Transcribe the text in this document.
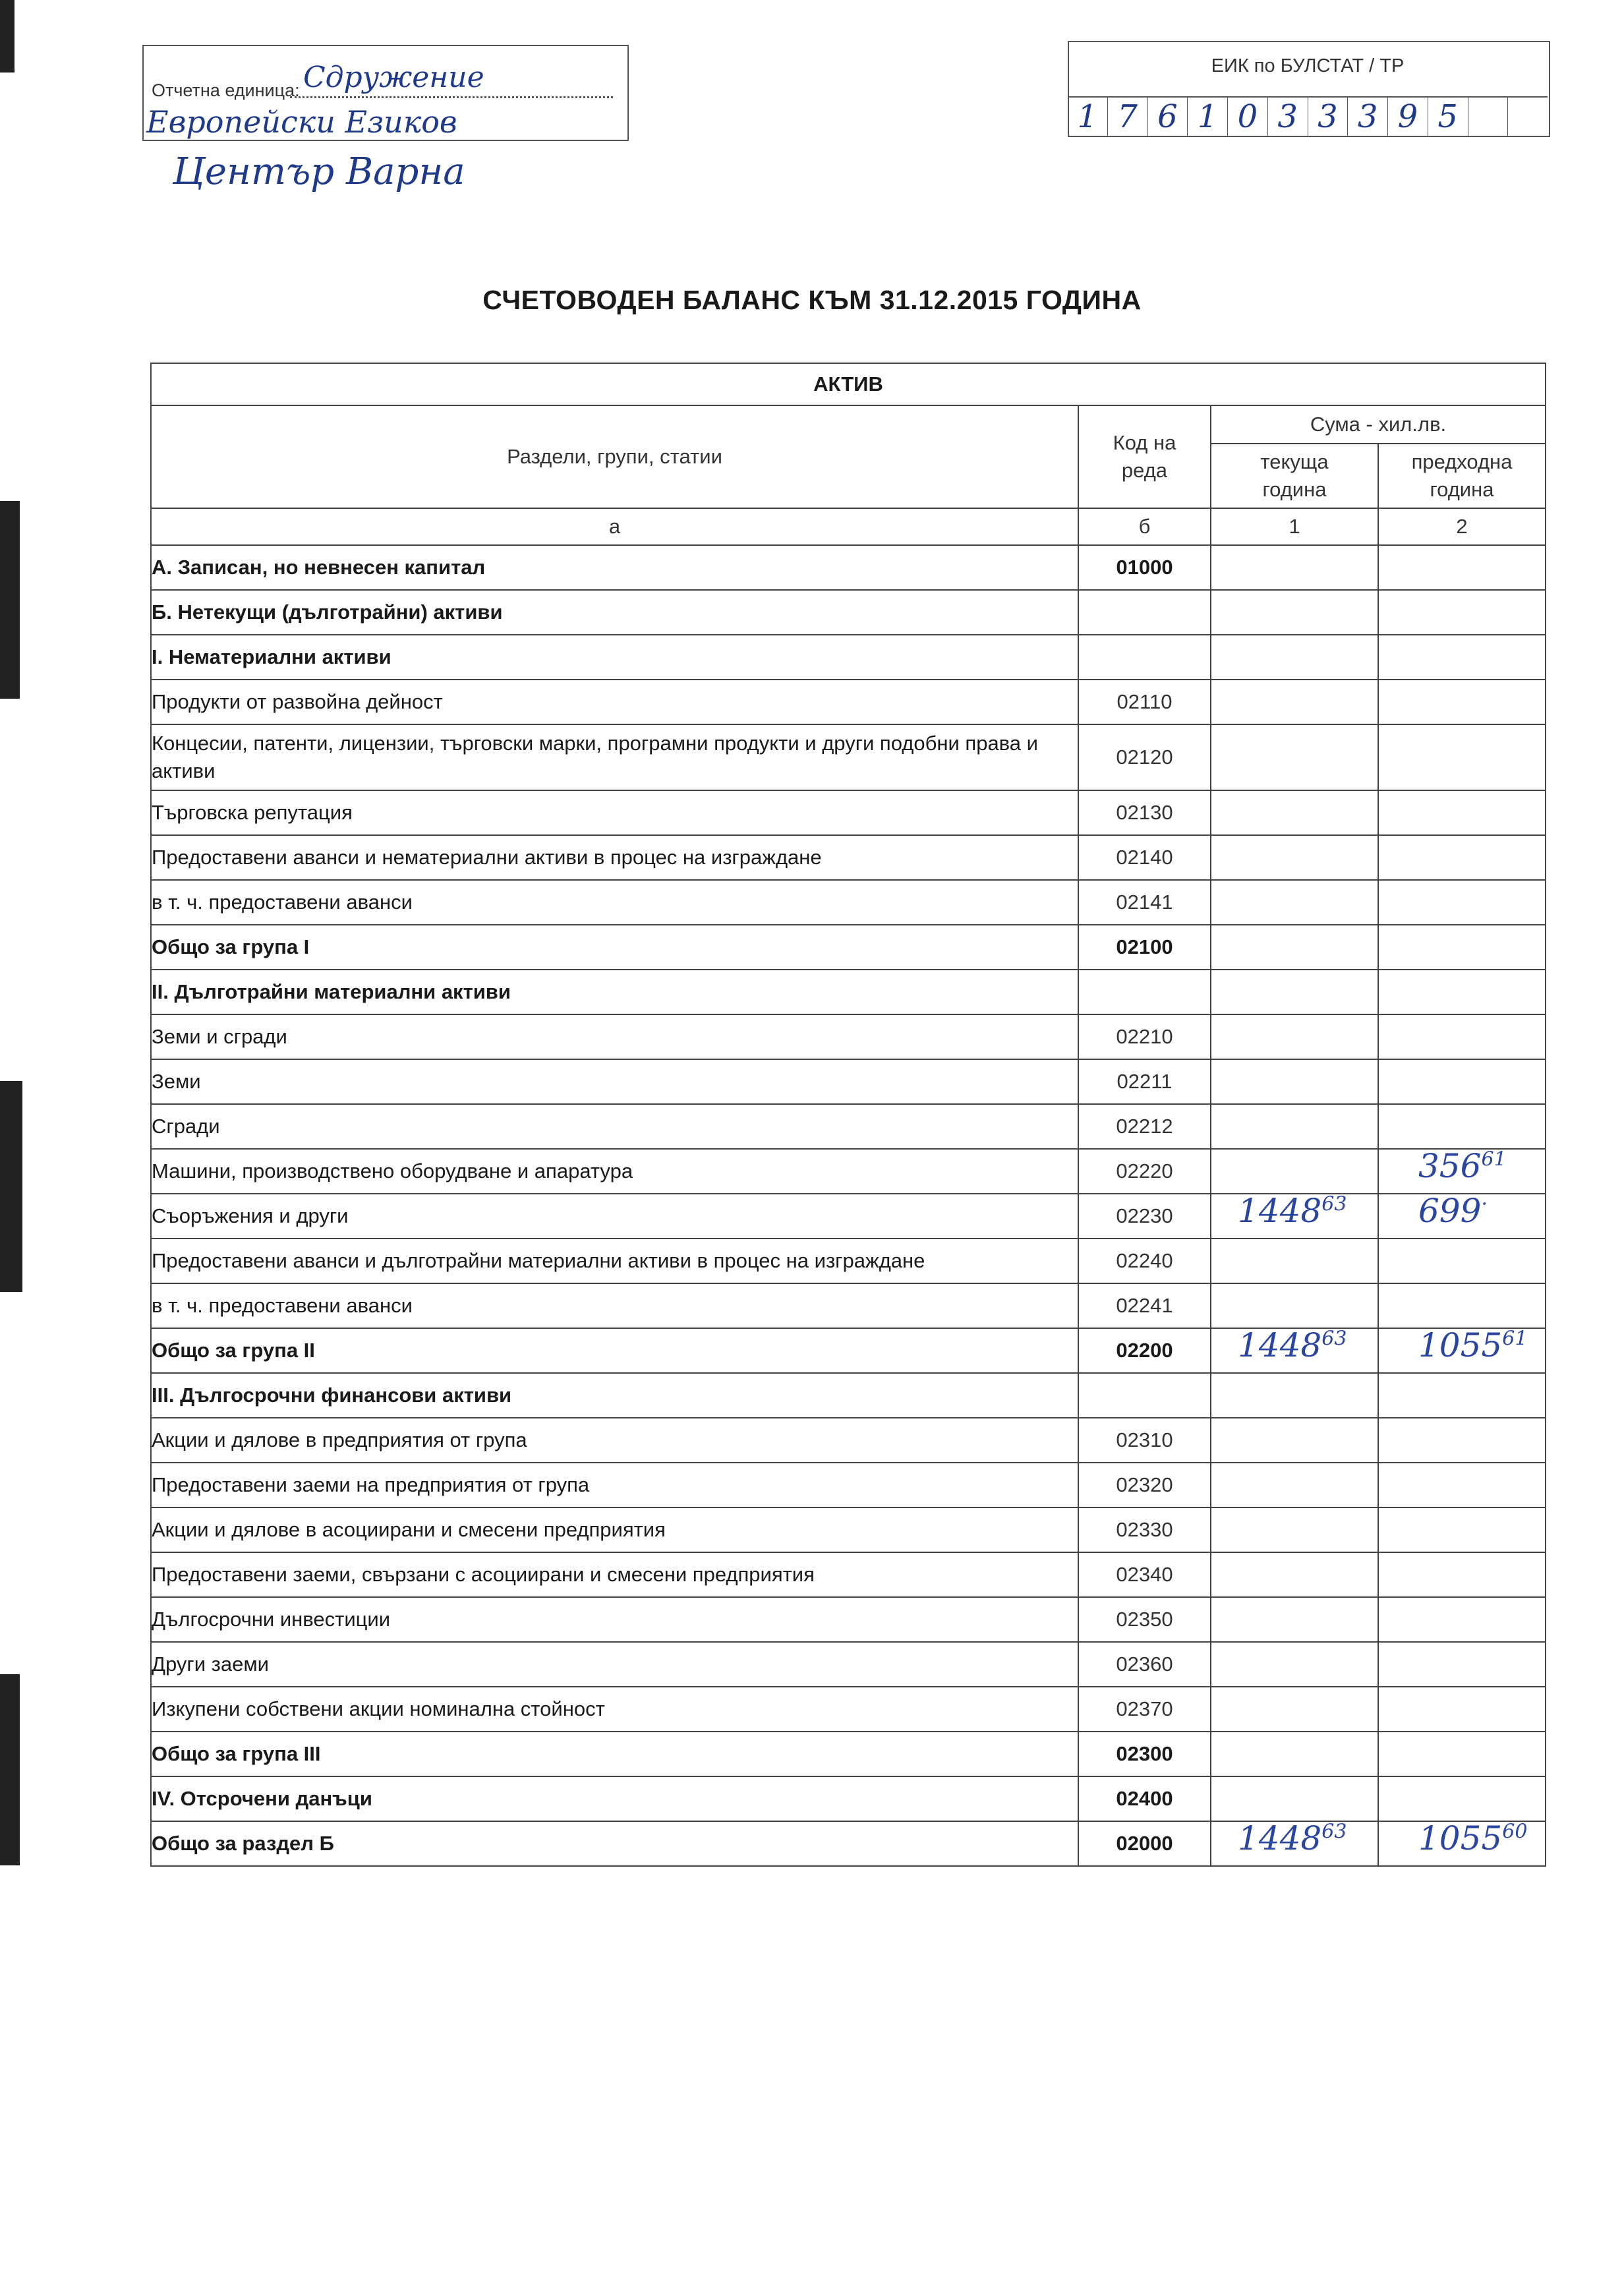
Отчетна единица: Сдружение
Европейски Езиков
Център Варна
ЕИК по БУЛСТАТ / ТР
1 7 6 1 0 3 3 3 9 5
СЧЕТОВОДЕН БАЛАНС КЪМ 31.12.2015 ГОДИНА
АКТИВ			
Раздели, групи, статии	Код на реда	Сума - хил.лв.	
		текуща година	предходна година
а	б	1	2
А. Записан, но невнесен капитал	01000		
Б. Нетекущи (дълготрайни) активи			
I. Нематериални активи			
Продукти от развойна дейност	02110		
Концесии, патенти, лицензии, търговски марки, програмни продукти и други подобни права и активи	02120		
Търговска репутация	02130		
Предоставени аванси и нематериални активи в процес на изграждане	02140		
в т. ч. предоставени аванси	02141		
Общо за група I	02100		
II. Дълготрайни материални активи			
Земи и сгради	02210		
Земи	02211		
Сгради	02212		
Машини, производствено оборудване и апаратура	02220		$356^{61}$

Съоръжения и други	02230	1448$^{63}$	699·

Предоставени аванси и дълготрайни материални активи в процес на изграждане	02240		
в т. ч. предоставени аванси	02241		
Общо за група II	02200	1448$^{63}$	1055$^{61}$

III. Дългосрочни финансови активи			
Акции и дялове в предприятия от група	02310		
Предоставени заеми на предприятия от група	02320		
Акции и дялове в асоциирани и смесени предприятия	02330		
Предоставени заеми, свързани с асоциирани и смесени предприятия	02340		
Дългосрочни инвестиции	02350		
Други заеми	02360		
Изкупени собствени акции номинална стойност	02370		
Общо за група III	02300		
IV. Отсрочени данъци	02400		
Общо за раздел Б	02000	1448$^{63}$	1055$^{60}$
